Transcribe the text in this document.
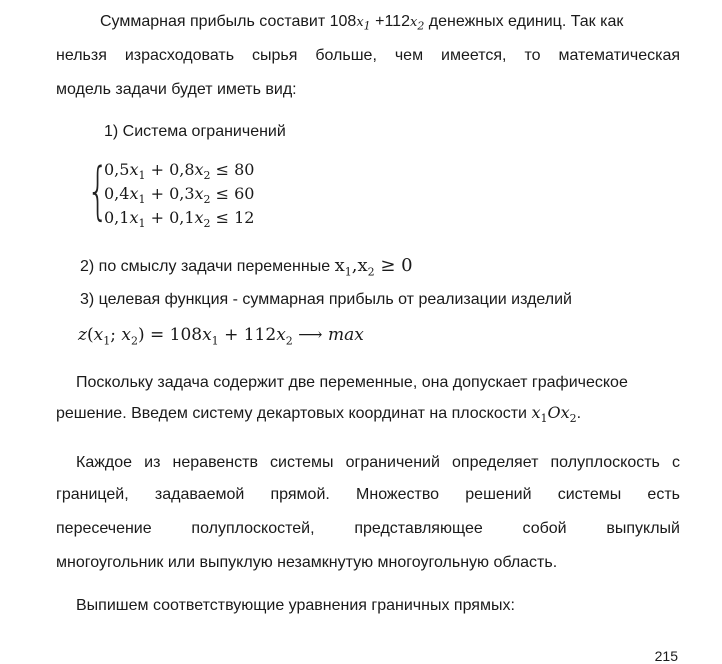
Суммарная прибыль составит $108x_1 +112x_2$ денежных единиц. Так как
нельзя израсходовать сырья больше, чем имеется, то математическая
модель задачи будет иметь вид:
1) Система ограничений
{
$0,5x_1 + 0,8x_2 \le 80$
$0,4x_1 + 0,3x_2 \le 60$
$0,1x_1 + 0,1x_2 \le 12$
2) по смыслу задачи переменные $x_1,x_2 \ge 0$
3) целевая функция - суммарная прибыль от реализации изделий
$z(x_1$; $x_2) = 108x_1 + 112x_2$ ⟶ max
Поскольку задача содержит две переменные, она допускает графическое
решение. Введем систему декартовых координат на плоскости $x_1Ox_2$.
Каждое из неравенств системы ограничений определяет полуплоскость с
границей, задаваемой прямой. Множество решений системы есть
пересечение полуплоскостей, представляющее собой выпуклый
многоугольник или выпуклую незамкнутую многоугольную область.
Выпишем соответствующие уравнения граничных прямых:
215
